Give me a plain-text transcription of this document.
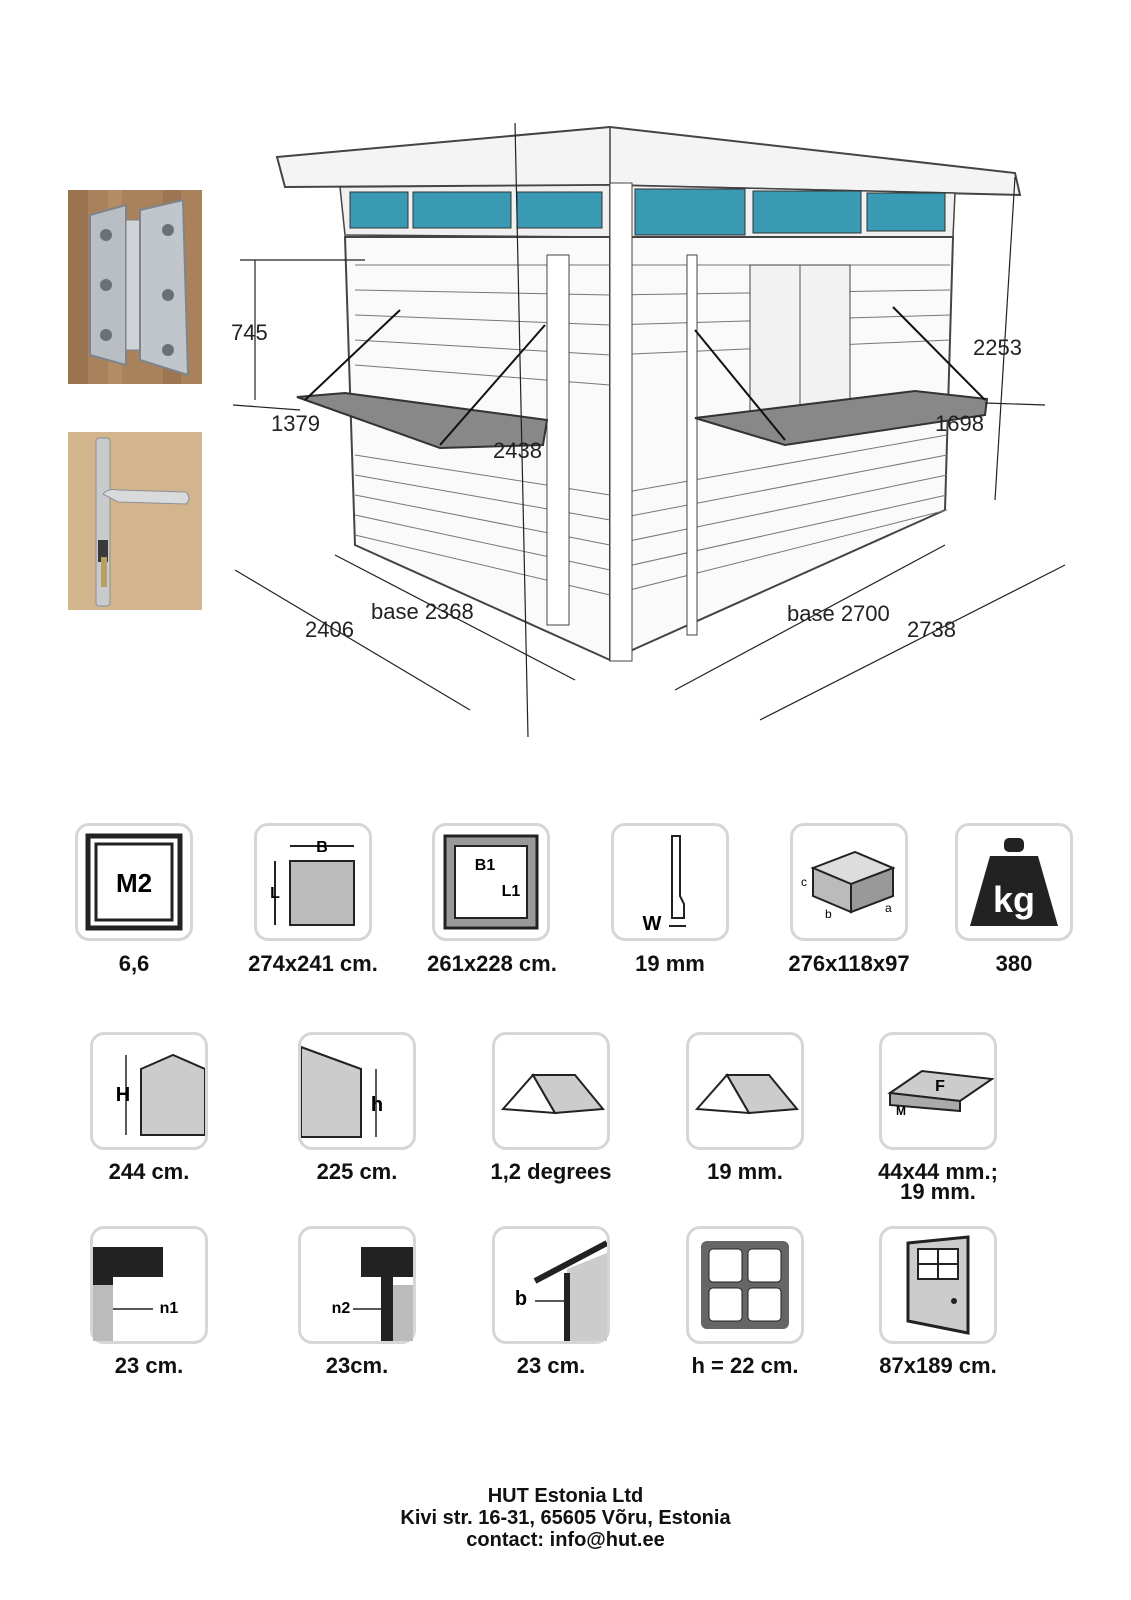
745
2253
1379
2438
1698
2406
base 2368	base 2700
2738
M2
6,6
B
L
274x241 cm.
B1
L1
261x228 cm.
W
19 mm
c
b	a
276x118x97
kg
380
H
244 cm.
h
225 cm.	1,2 degrees	19 mm.
F
M
44x44 mm.;
19 mm.
n1
23 cm.
n2
23cm.
b
23 cm.	h = 22 cm.	87x189 cm.
HUT Estonia Ltd
Kivi str. 16-31, 65605 Võru, Estonia
contact: info@hut.ee
